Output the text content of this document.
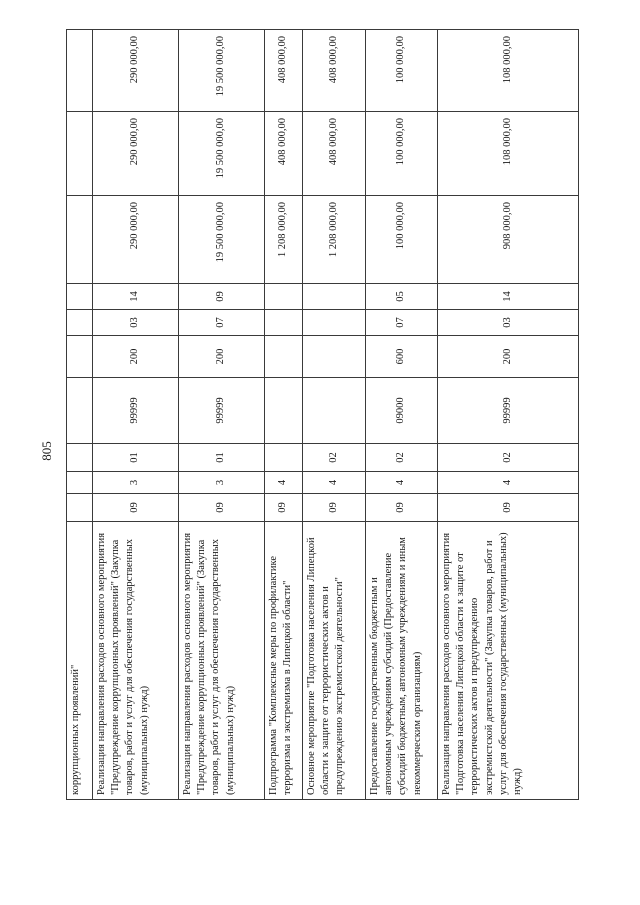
805
коррупционных проявлений"										
Реализация направления расходов основного мероприятия "Предупреждение коррупционных проявлений" (Закупка товаров, работ и услуг для обеспечения государственных (муниципальных) нужд)	09	3	01	99999	200	03	14	290 000,00	290 000,00	290 000,00
Реализация направления расходов основного мероприятия "Предупреждение коррупционных проявлений" (Закупка товаров, работ и услуг для обеспечения государственных (муниципальных) нужд)	09	3	01	99999	200	07	09	19 500 000,00	19 500 000,00	19 500 000,00
Подпрограмма "Комплексные меры по профилактике терроризма и экстремизма в Липецкой области"	09	4						1 208 000,00	408 000,00	408 000,00
Основное мероприятие "Подготовка населения Липецкой области к защите от террористических актов и предупреждению экстремистской деятельности"	09	4	02					1 208 000,00	408 000,00	408 000,00
Предоставление государственным бюджетным и автономным учреждениям субсидий (Предоставление субсидий бюджетным, автономным учреждениям и иным некоммерческим организациям)	09	4	02	09000	600	07	05	100 000,00	100 000,00	100 000,00
Реализация направления расходов основного мероприятия "Подготовка населения Липецкой области к защите от террористических актов и предупреждению экстремистской деятельности" (Закупка товаров, работ и услуг для обеспечения государственных (муниципальных) нужд)	09	4	02	99999	200	03	14	908 000,00	108 000,00	108 000,00
